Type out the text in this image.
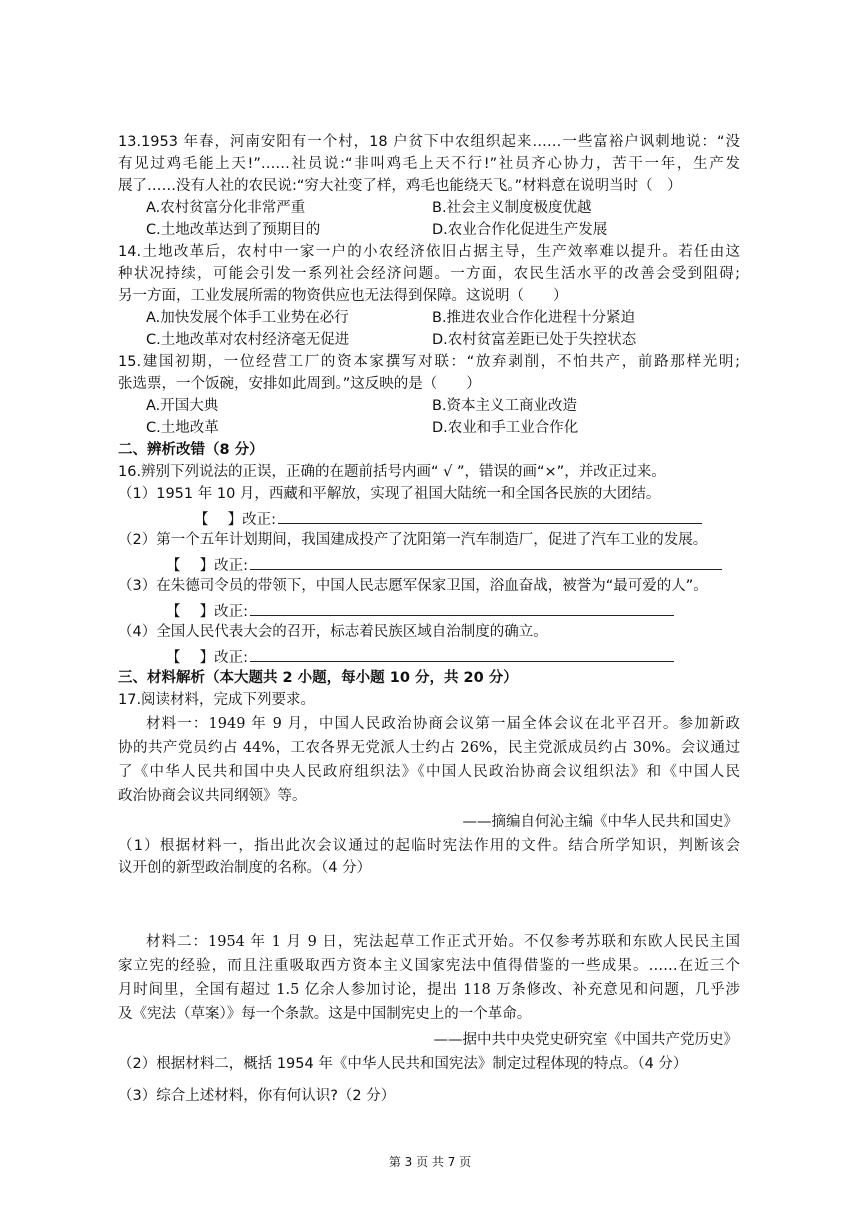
13.1953 年春，河南安阳有一个村，18 户贫下中农组织起来……一些富裕户讽刺地说：“没
有见过鸡毛能上天!”……社员说:“非叫鸡毛上天不行!”社员齐心协力，苦干一年，生产发
展了……没有人社的农民说:“穷大社变了样，鸡毛也能绕天飞。”材料意在说明当时（　）
A.农村贫富分化非常严重	B.社会主义制度极度优越
C.土地改革达到了预期目的	D.农业合作化促进生产发展
14.土地改革后，农村中一家一户的小农经济依旧占据主导，生产效率难以提升。若任由这
种状况持续，可能会引发一系列社会经济问题。一方面，农民生活水平的改善会受到阻碍;
另一方面，工业发展所需的物资供应也无法得到保障。这说明（　　）
A.加快发展个体手工业势在必行	B.推进农业合作化进程十分紧迫
C.土地改革对农村经济毫无促进	D.农村贫富差距已处于失控状态
15.建国初期，一位经营工厂的资本家撰写对联：“放弃剥削，不怕共产，前路那样光明;
张选票，一个饭碗，安排如此周到。”这反映的是（　　）
A.开国大典	B.资本主义工商业改造
C.土地改革	D.农业和手工业合作化
二、辨析改错（8 分）
16.辨别下列说法的正误，正确的在题前括号内画“ √ ”，错误的画“×”，并改正过来。
（1）1951 年 10 月，西藏和平解放，实现了祖国大陆统一和全国各民族的大团结。
【　 】改正:
（2）第一个五年计划期间，我国建成投产了沈阳第一汽车制造厂，促进了汽车工业的发展。
【　 】改正:
（3）在朱德司令员的带领下，中国人民志愿军保家卫国，浴血奋战，被誉为“最可爱的人”。
【　 】改正:
（4）全国人民代表大会的召开，标志着民族区域自治制度的确立。
【　 】改正:
三、材料解析（本大题共 2 小题，每小题 10 分，共 20 分）
17.阅读材料，完成下列要求。
材料一：1949 年 9 月，中国人民政治协商会议第一届全体会议在北平召开。参加新政
协的共产党员约占 44%，工农各界无党派人士约占 26%，民主党派成员约占 30%。会议通过
了《中华人民共和国中央人民政府组织法》《中国人民政治协商会议组织法》和《中国人民
政治协商会议共同纲领》等。
——摘编自何沁主编《中华人民共和国史》
（1）根据材料一，指出此次会议通过的起临时宪法作用的文件。结合所学知识，判断该会
议开创的新型政治制度的名称。（4 分）
材料二：1954 年 1 月 9 日，宪法起草工作正式开始。不仅参考苏联和东欧人民民主国
家立宪的经验，而且注重吸取西方资本主义国家宪法中值得借鉴的一些成果。……在近三个
月时间里，全国有超过 1.5 亿余人参加讨论，提出 118 万条修改、补充意见和问题，几乎涉
及《宪法（草案）》每一个条款。这是中国制宪史上的一个革命。
——据中共中央党史研究室《中国共产党历史》
（2）根据材料二，概括 1954 年《中华人民共和国宪法》制定过程体现的特点。（4 分）
（3）综合上述材料，你有何认识?（2 分）
第 3 页 共 7 页
